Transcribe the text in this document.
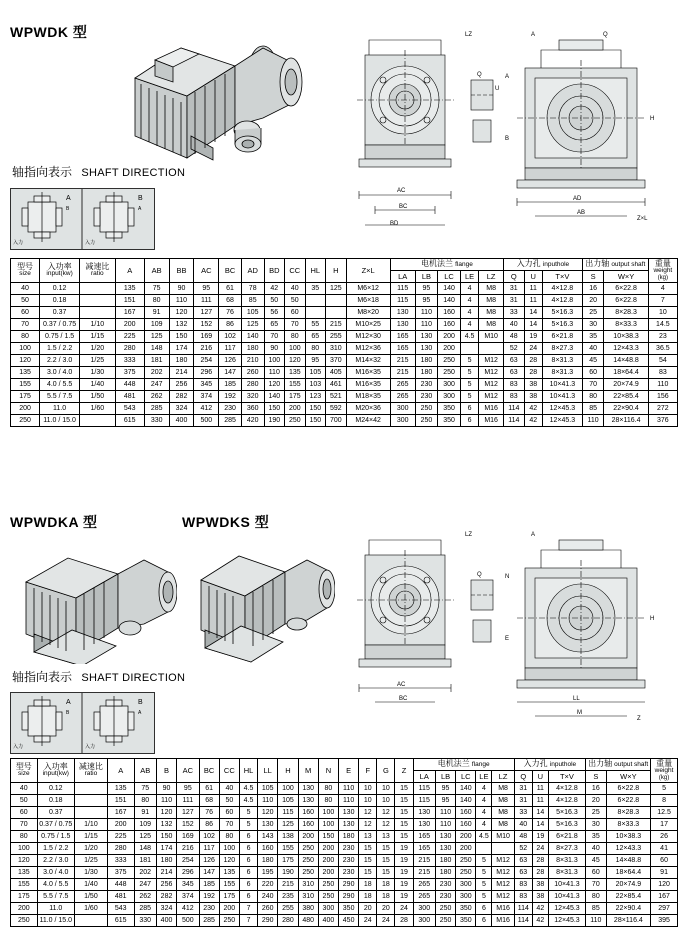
WPWDK 型
轴指向表示 SHAFT DIRECTION
A	B
B	A
入力	入力
AC
BC
BD
Q
U
AD
AB
H
A	Q
LZ
Z×L
A
B
型号
size

入功率
input(kw)

减速比
ratio	A	AB	BB	AC	BC	AD	BD	CC	HL	H	Z×L	电机法兰 flange	入力孔 inputhole	出力轴 output shaft	重量
weight
(kg)

														LA	LB	LC	LE	LZ	Q	U	T×V	S	W×Y	
40	0.12		135	75	90	95	61	78	42	40	35	125	M6×12	115	95	140	4	M8	31	11	4×12.8	16	6×22.8	4
50	0.18		151	80	110	111	68	85	50	50			M6×18	115	95	140	4	M8	31	11	4×12.8	20	6×22.8	7
60	0.37		167	91	120	127	76	105	56	60			M8×20	130	110	160	4	M8	33	14	5×16.3	25	8×28.3	10
70	0.37 / 0.75	1/10	200	109	132	152	86	125	65	70	55	215	M10×25	130	110	160	4	M8	40	14	5×16.3	30	8×33.3	14.5
80	0.75 / 1.5	1/15	225	125	150	169	102	140	70	80	65	255	M12×30	165	130	200	4.5	M10	48	19	6×21.8	35	10×38.3	23
100	1.5 / 2.2	1/20	280	148	174	216	117	180	90	100	80	310	M12×36	165	130	200			52	24	8×27.3	40	12×43.3	36.5
120	2.2 / 3.0	1/25	333	181	180	254	126	210	100	120	95	370	M14×32	215	180	250	5	M12	63	28	8×31.3	45	14×48.8	54
135	3.0 / 4.0	1/30	375	202	214	296	147	260	110	135	105	405	M16×35	215	180	250	5	M12	63	28	8×31.3	60	18×64.4	83
155	4.0 / 5.5	1/40	448	247	256	345	185	280	120	155	103	461	M16×35	265	230	300	5	M12	83	38	10×41.3	70	20×74.9	110
175	5.5 / 7.5	1/50	481	262	282	374	192	320	140	175	123	521	M18×35	265	230	300	5	M12	83	38	10×41.3	80	22×85.4	156
200	11.0	1/60	543	285	324	412	230	360	150	200	150	592	M20×36	300	250	350	6	M16	114	42	12×45.3	85	22×90.4	272
250	11.0 / 15.0		615	330	400	500	285	420	190	250	150	700	M24×42	300	250	350	6	M16	114	42	12×45.3	110	28×116.4	376
WPWDKA 型	WPWDKS 型
轴指向表示 SHAFT DIRECTION
A	B
B	A
入力	入力
AC
BC
Q
LL
M
H
A
LZ
Z
N
E
型号
size

入功率
input(kw)

减速比
ratio	A	AB	B	AC	BC	CC	HL	LL	H	M	N	E	F	G	Z	电机法兰 flange	入力孔 inputhole	出力轴 output shaft	重量
weight
(kg)

																		LA	LB	LC	LE	LZ	Q	U	T×V	S	W×Y	
40	0.12		135	75	90	95	61	40	4.5	105	100	130	80	110	10	10	15	115	95	140	4	M8	31	11	4×12.8	16	6×22.8	5
50	0.18		151	80	110	111	68	50	4.5	110	105	130	80	110	10	10	15	115	95	140	4	M8	31	11	4×12.8	20	6×22.8	8
60	0.37		167	91	120	127	76	60	5	120	115	160	100	130	12	12	15	130	110	160	4	M8	33	14	5×16.3	25	8×28.3	12.5
70	0.37 / 0.75	1/10	200	109	132	152	86	70	5	130	125	160	100	130	12	12	15	130	110	160	4	M8	40	14	5×16.3	30	8×33.3	17
80	0.75 / 1.5	1/15	225	125	150	169	102	80	6	143	138	200	150	180	13	13	15	165	130	200	4.5	M10	48	19	6×21.8	35	10×38.3	26
100	1.5 / 2.2	1/20	280	148	174	216	117	100	6	160	155	250	200	230	15	15	19	165	130	200			52	24	8×27.3	40	12×43.3	41
120	2.2 / 3.0	1/25	333	181	180	254	126	120	6	180	175	250	200	230	15	15	19	215	180	250	5	M12	63	28	8×31.3	45	14×48.8	60
135	3.0 / 4.0	1/30	375	202	214	296	147	135	6	195	190	250	200	230	15	15	19	215	180	250	5	M12	63	28	8×31.3	60	18×64.4	91
155	4.0 / 5.5	1/40	448	247	256	345	185	155	6	220	215	310	250	290	18	18	19	265	230	300	5	M12	83	38	10×41.3	70	20×74.9	120
175	5.5 / 7.5	1/50	481	262	282	374	192	175	6	240	235	310	250	290	18	18	19	265	230	300	5	M12	83	38	10×41.3	80	22×85.4	167
200	11.0	1/60	543	285	324	412	230	200	7	260	255	380	300	350	20	20	24	300	250	350	6	M16	114	42	12×45.3	85	22×90.4	297
250	11.0 / 15.0		615	330	400	500	285	250	7	290	280	480	400	450	24	24	28	300	250	350	6	M16	114	42	12×45.3	110	28×116.4	395
